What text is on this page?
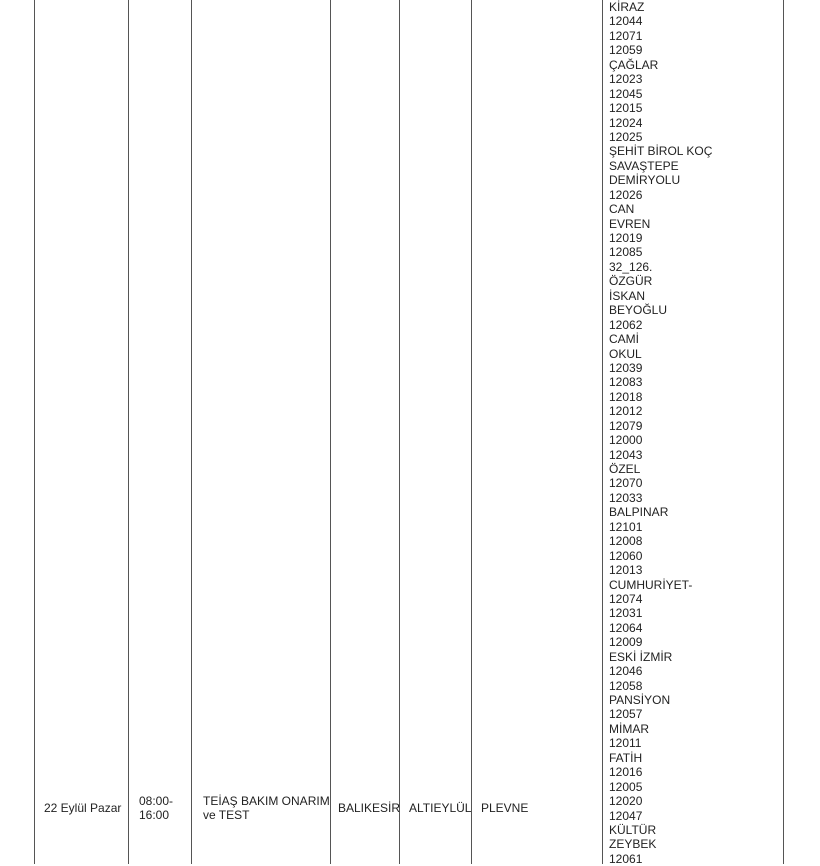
22 Eylül Pazar 08:00-
16:00
TEİAŞ BAKIM ONARIM
ve TEST	BALIKESİR ALTIEYLÜL PLEVNE
KİRAZ
12044
12071
12059
ÇAĞLAR
12023
12045
12015
12024
12025
ŞEHİT BİROL KOÇ
SAVAŞTEPE
DEMİRYOLU
12026
CAN
EVREN
12019
12085
32_126.
ÖZGÜR
İSKAN
BEYOĞLU
12062
CAMİ
OKUL
12039
12083
12018
12012
12079
12000
12043
ÖZEL
12070
12033
BALPINAR
12101
12008
12060
12013
CUMHURİYET-
12074
12031
12064
12009
ESKİ İZMİR
12046
12058
PANSİYON
12057
MİMAR
12011
FATİH
12016
12005
12020
12047
KÜLTÜR
ZEYBEK
12061
